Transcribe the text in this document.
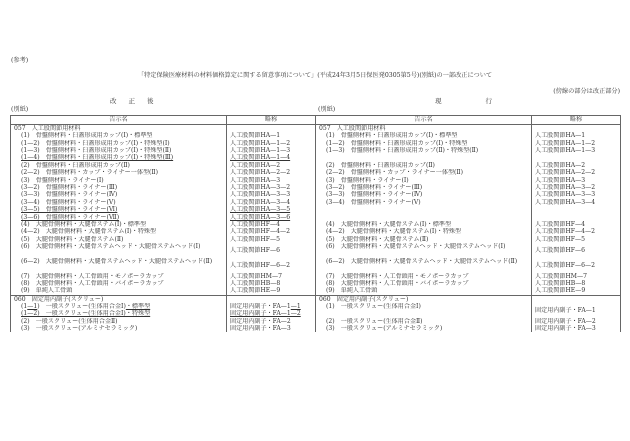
(参考)
「特定保険医療材料の材料価格算定に関する留意事項について」(平成24年3月5日保医発0305第5号)(別紙)の一部改正について
(傍線の部分は改正部分)
改正後	現行
(別紙)	(別紙)
告示名	略称
057　人工股関節用材料	
(1)　骨盤側材料・臼蓋形成用カップ(Ⅰ)・標準型	人工股関節HA—1
(1—2)　骨盤側材料・臼蓋形成用カップ(Ⅰ)・特殊型(Ⅰ)	人工股関節HA—1—2
(1—3)　骨盤側材料・臼蓋形成用カップ(Ⅰ)・特殊型(Ⅱ)	人工股関節HA—1—3
(1—4)　骨盤側材料・臼蓋形成用カップ(Ⅰ)・特殊型(Ⅲ)	人工股関節HA—1—4
(2)　骨盤側材料・臼蓋形成用カップ(Ⅱ)	人工股関節HA—2
(2—2)　骨盤側材料・カップ・ライナー一体型(Ⅱ)	人工股関節HA—2—2
(3)　骨盤側材料・ライナー(Ⅰ)	人工股関節HA—3
(3—2)　骨盤側材料・ライナー(Ⅲ)	人工股関節HA—3—2
(3—3)　骨盤側材料・ライナー(Ⅳ)	人工股関節HA—3—3
(3—4)　骨盤側材料・ライナー(Ⅴ)	人工股関節HA—3—4
(3—5)　骨盤側材料・ライナー(Ⅵ)	人工股関節HA—3—5
(3—6)　骨盤側材料・ライナー(Ⅶ)	人工股関節HA—3—6
(4)　大腿骨側材料・大腿骨ステム(Ⅰ)・標準型	人工股関節HF—4
(4—2)　大腿骨側材料・大腿骨ステム(Ⅰ)・特殊型	人工股関節HF—4—2
(5)　大腿骨側材料・大腿骨ステム(Ⅱ)	人工股関節HF—5
(6)　大腿骨側材料・大腿骨ステムヘッド・大腿骨ステムヘッド(Ⅰ)	人工股関節HF—6
(6—2)　大腿骨側材料・大腿骨ステムヘッド・大腿骨ステムヘッド(Ⅱ)	人工股関節HF—6—2
(7)　大腿骨側材料・人工骨頭用・モノポーラカップ	人工股関節HM—7
(8)　大腿骨側材料・人工骨頭用・バイポーラカップ	人工股関節HB—8
(9)　単純人工骨頭	人工股関節HE—9
060　固定用内副子(スクリュー)	
(1—1)　一般スクリュー(生体用合金Ⅰ)・標準型	固定用内副子・FA—1—1
(1—2)　一般スクリュー(生体用合金Ⅰ)・特殊型	固定用内副子・FA—1—2
(2)　一般スクリュー(生体用合金Ⅱ)	固定用内副子・FA—2
(3)　一般スクリュー(アルミナセラミック)	固定用内副子・FA—3
告示名	略称
057　人工股関節用材料	
(1)　骨盤側材料・臼蓋形成用カップ(Ⅰ)・標準型	人工股関節HA—1
(1—2)　骨盤側材料・臼蓋形成用カップ(Ⅰ)・特殊型	人工股関節HA—1—2
(1—3)　骨盤側材料・臼蓋形成用カップ(Ⅱ)・特殊型(Ⅱ)	人工股関節HA—1—3

(2)　骨盤側材料・臼蓋形成用カップ(Ⅱ)	人工股関節HA—2
(2—2)　骨盤側材料・カップ・ライナー一体型(Ⅱ)	人工股関節HA—2—2
(3)　骨盤側材料・ライナー(Ⅰ)	人工股関節HA—3
(3—2)　骨盤側材料・ライナー(Ⅲ)	人工股関節HA—3—2
(3—3)　骨盤側材料・ライナー(Ⅳ)	人工股関節HA—3—3
(3—4)　骨盤側材料・ライナー(Ⅴ)	人工股関節HA—3—4

(4)　大腿骨側材料・大腿骨ステム(Ⅰ)・標準型	人工股関節HF—4
(4—2)　大腿骨側材料・大腿骨ステム(Ⅰ)・特殊型	人工股関節HF—4—2
(5)　大腿骨側材料・大腿骨ステム(Ⅱ)	人工股関節HF—5
(6)　大腿骨側材料・大腿骨ステムヘッド・大腿骨ステムヘッド(Ⅰ)	人工股関節HF—6
(6—2)　大腿骨側材料・大腿骨ステムヘッド・大腿骨ステムヘッド(Ⅱ)	人工股関節HF—6—2
(7)　大腿骨側材料・人工骨頭用・モノポーラカップ	人工股関節HM—7
(8)　大腿骨側材料・人工骨頭用・バイポーラカップ	人工股関節HB—8
(9)　単純人工骨頭	人工股関節HE—9
060　固定用内副子(スクリュー)	
(1)　一般スクリュー(生体用合金Ⅰ)	固定用内副子・FA—1
(2)　一般スクリュー(生体用合金Ⅱ)	固定用内副子・FA—2
(3)　一般スクリュー(アルミナセラミック)	固定用内副子・FA—3
